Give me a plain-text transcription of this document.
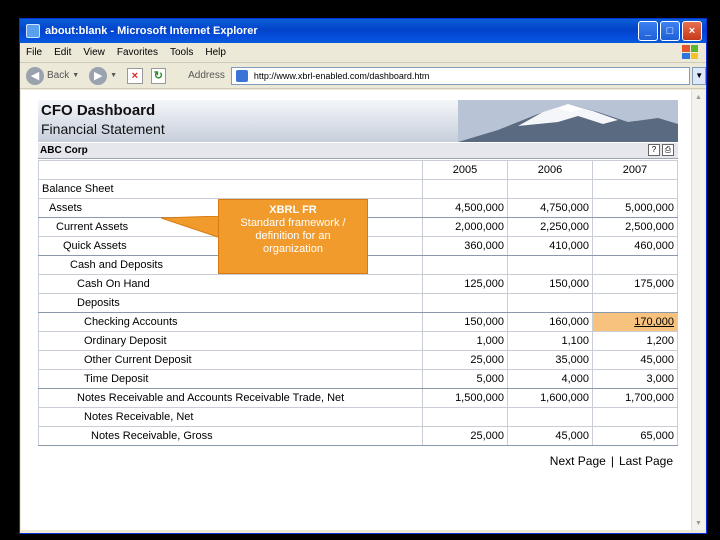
about:blank - Microsoft Internet Explorer	_	□	×
File Edit View Favorites Tools Help
◀ Back ▼	▶	▼	×	↻	Address	http://www.xbrl-enabled.com/dashboard.htm	▼
CFO Dashboard
Financial Statement
ABC Corp	?	⎙
	2005	2006	2007
Balance Sheet			
Assets	4,500,000	4,750,000	5,000,000
Current Assets	2,000,000	2,250,000	2,500,000
Quick Assets	360,000	410,000	460,000
Cash and Deposits			
Cash On Hand	125,000	150,000	175,000
Deposits			
Checking Accounts	150,000	160,000	170,000
Ordinary Deposit	1,000	1,100	1,200
Other Current Deposit	25,000	35,000	45,000
Time Deposit	5,000	4,000	3,000
Notes Receivable and Accounts Receivable Trade, Net	1,500,000	1,600,000	1,700,000
Notes Receivable, Net			
Notes Receivable, Gross	25,000	45,000	65,000
Next Page | Last Page
XBRL FR
Standard framework /
definition for an
organization
▲
▼
